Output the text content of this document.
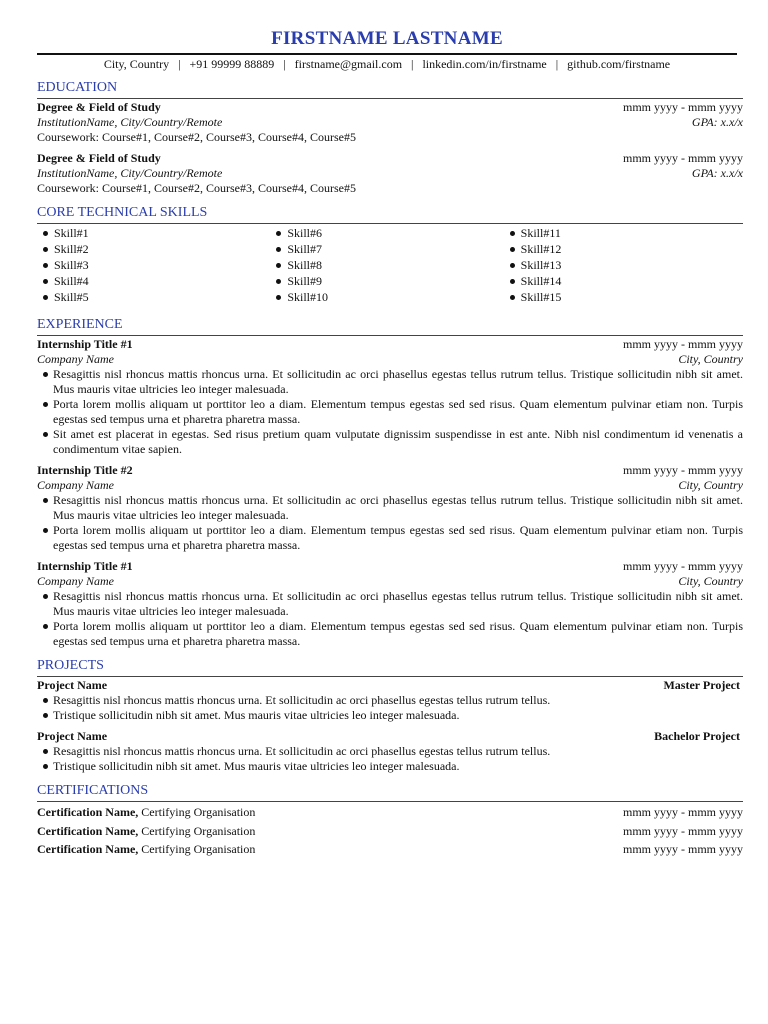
FIRSTNAME LASTNAME
City, Country | +91 99999 88889 | firstname@gmail.com | linkedin.com/in/firstname | github.com/firstname
EDUCATION
Degree & Field of Study	mmm yyyy - mmm yyyy
InstitutionName, City/Country/Remote	GPA: x.x/x
Coursework: Course#1, Course#2, Course#3, Course#4, Course#5
Degree & Field of Study	mmm yyyy - mmm yyyy
InstitutionName, City/Country/Remote	GPA: x.x/x
Coursework: Course#1, Course#2, Course#3, Course#4, Course#5
CORE TECHNICAL SKILLS
Skill#1
Skill#2
Skill#3
Skill#4
Skill#5
Skill#6
Skill#7
Skill#8
Skill#9
Skill#10
Skill#11
Skill#12
Skill#13
Skill#14
Skill#15
EXPERIENCE
Internship Title #1	mmm yyyy - mmm yyyy
Company Name	City, Country
Resagittis nisl rhoncus mattis rhoncus urna. Et sollicitudin ac orci phasellus egestas tellus rutrum tellus. Tristique sollicitudin nibh sit amet. Mus mauris vitae ultricies leo integer malesuada.
Porta lorem mollis aliquam ut porttitor leo a diam. Elementum tempus egestas sed sed risus. Quam elementum pulvinar etiam non. Turpis egestas sed tempus urna et pharetra pharetra massa.
Sit amet est placerat in egestas. Sed risus pretium quam vulputate dignissim suspendisse in est ante. Nibh nisl condimentum id venenatis a condimentum vitae sapien.
Internship Title #2	mmm yyyy - mmm yyyy
Company Name	City, Country
Resagittis nisl rhoncus mattis rhoncus urna. Et sollicitudin ac orci phasellus egestas tellus rutrum tellus. Tristique sollicitudin nibh sit amet. Mus mauris vitae ultricies leo integer malesuada.
Porta lorem mollis aliquam ut porttitor leo a diam. Elementum tempus egestas sed sed risus. Quam elementum pulvinar etiam non. Turpis egestas sed tempus urna et pharetra pharetra massa.
Internship Title #1	mmm yyyy - mmm yyyy
Company Name	City, Country
Resagittis nisl rhoncus mattis rhoncus urna. Et sollicitudin ac orci phasellus egestas tellus rutrum tellus. Tristique sollicitudin nibh sit amet. Mus mauris vitae ultricies leo integer malesuada.
Porta lorem mollis aliquam ut porttitor leo a diam. Elementum tempus egestas sed sed risus. Quam elementum pulvinar etiam non. Turpis egestas sed tempus urna et pharetra pharetra massa.
PROJECTS
Project Name	Master Project
Resagittis nisl rhoncus mattis rhoncus urna. Et sollicitudin ac orci phasellus egestas tellus rutrum tellus.
Tristique sollicitudin nibh sit amet. Mus mauris vitae ultricies leo integer malesuada.
Project Name	Bachelor Project
Resagittis nisl rhoncus mattis rhoncus urna. Et sollicitudin ac orci phasellus egestas tellus rutrum tellus.
Tristique sollicitudin nibh sit amet. Mus mauris vitae ultricies leo integer malesuada.
CERTIFICATIONS
Certification Name, Certifying Organisation	mmm yyyy - mmm yyyy
Certification Name, Certifying Organisation	mmm yyyy - mmm yyyy
Certification Name, Certifying Organisation	mmm yyyy - mmm yyyy
